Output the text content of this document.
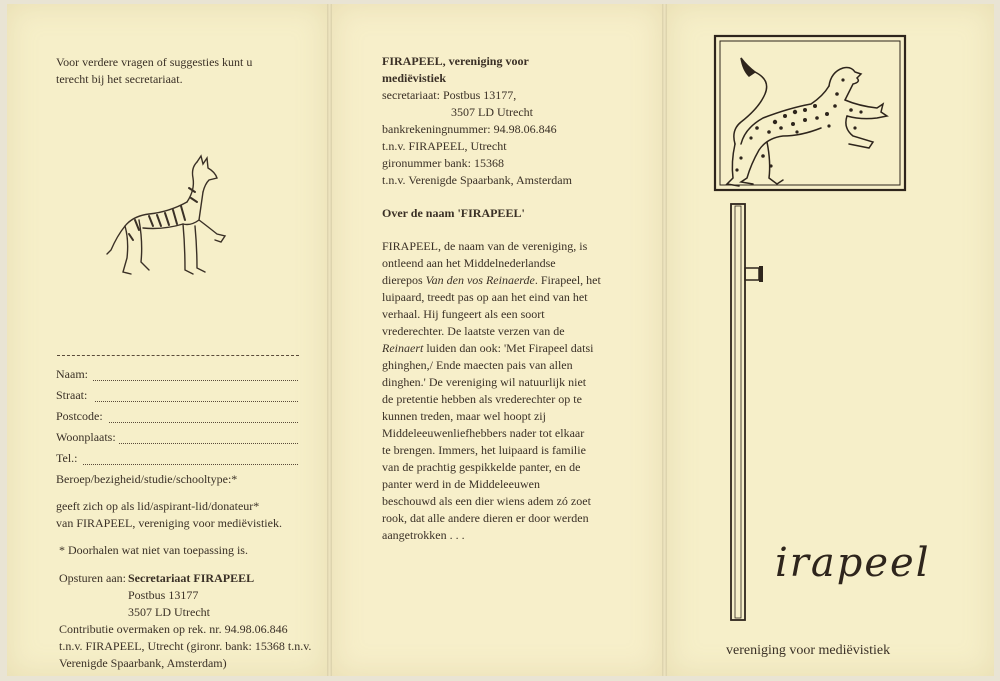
Voor verdere vragen of suggesties kunt u
terecht bij het secretariaat.
Naam:
Straat:
Postcode:
Woonplaats:
Tel.:
Beroep/bezigheid/studie/schooltype:*
geeft zich op als lid/aspirant-lid/donateur*
van FIRAPEEL, vereniging voor mediëvistiek.
* Doorhalen wat niet van toepassing is.
Opsturen aan: Secretariaat FIRAPEEL
Postbus 13177
3507 LD Utrecht
Contributie overmaken op rek. nr. 94.98.06.846
t.n.v. FIRAPEEL, Utrecht (gironr. bank: 15368 t.n.v.
Verenigde Spaarbank, Amsterdam)
FIRAPEEL, vereniging voor
mediëvistiek
secretariaat: Postbus 13177,
3507 LD Utrecht
bankrekeningnummer: 94.98.06.846
t.n.v. FIRAPEEL, Utrecht
gironummer bank: 15368
t.n.v. Verenigde Spaarbank, Amsterdam
Over de naam 'FIRAPEEL'

FIRAPEEL, de naam van de vereniging, is

ontleend aan het Middelnederlandse

dierepos Van den vos Reinaerde. Firapeel, het

luipaard, treedt pas op aan het eind van het

verhaal. Hij fungeert als een soort

vrederechter. De laatste verzen van de

Reinaert luiden dan ook: 'Met Firapeel datsi

ghinghen,/ Ende maecten pais van allen

dinghen.' De vereniging wil natuurlijk niet

de pretentie hebben als vrederechter op te

kunnen treden, maar wel hoopt zij

Middeleeuwenliefhebbers nader tot elkaar

te brengen. Immers, het luipaard is familie

van de prachtig gespikkelde panter, en de

panter werd in de Middeleeuwen

beschouwd als een dier wiens adem zó zoet

rook, dat alle andere dieren er door werden

aangetrokken . . .

irapeel
vereniging voor mediëvistiek
